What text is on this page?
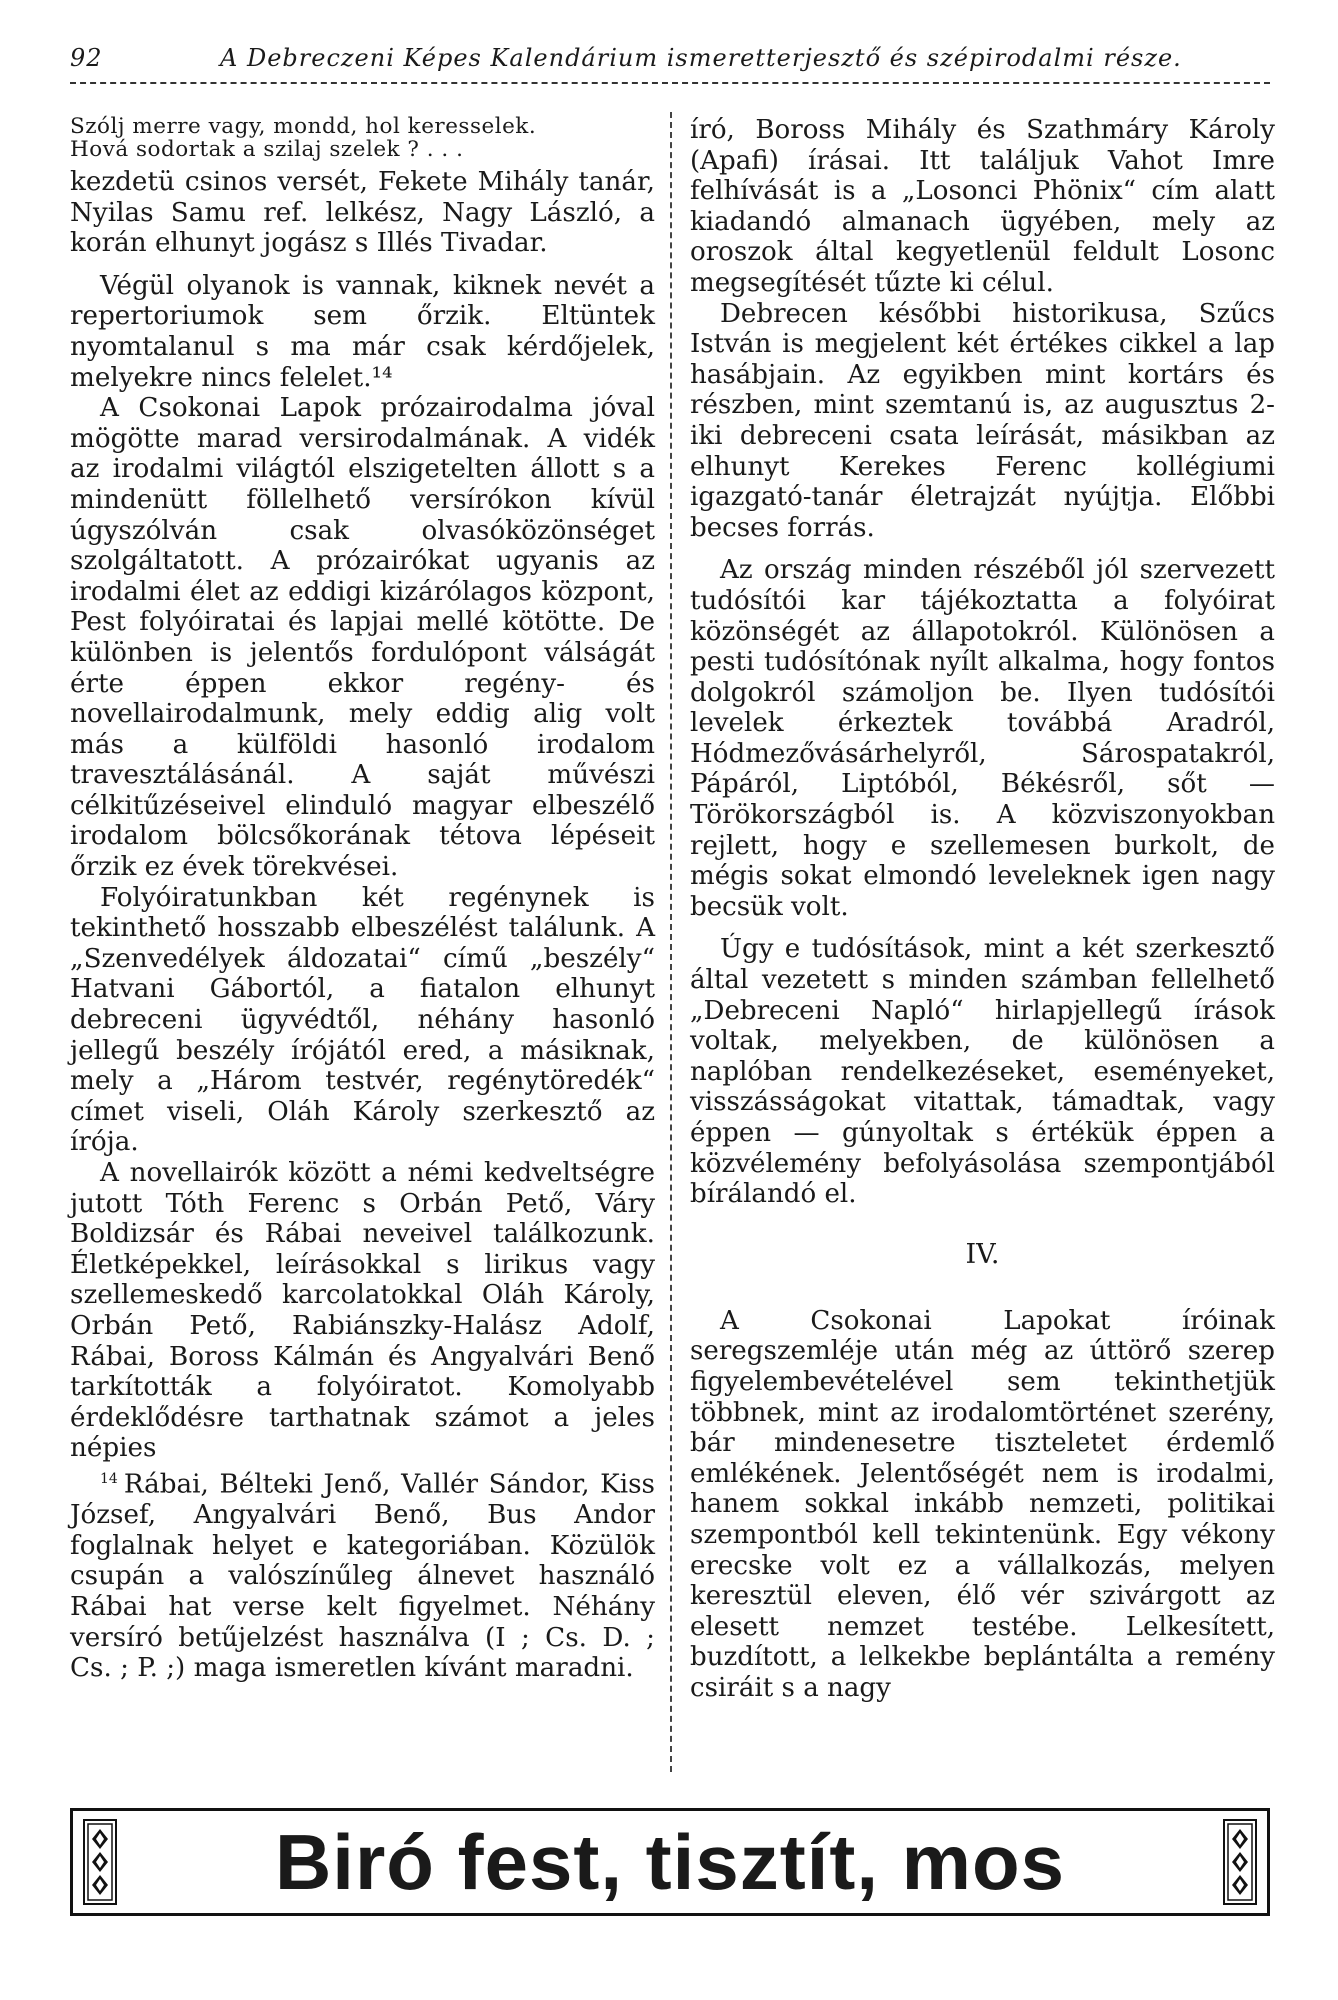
92	A Debreczeni Képes Kalendárium ismeretterjesztő és szépirodalmi része.

Szólj merre vagy, mondd, hol keresselek.
Hová sodortak a szilaj szelek ? . . .

kezdetü csinos versét, Fekete Mihály tanár, Nyilas Samu ref. lelkész, Nagy László, a korán elhunyt jogász s Illés Tivadar.

Végül olyanok is vannak, kiknek nevét a repertoriumok sem őrzik. Eltüntek nyomtalanul s ma már csak kérdőjelek, melyekre nincs felelet.¹⁴

A Csokonai Lapok prózairodalma jóval mögötte marad versirodalmának. A vidék az irodalmi világtól elszigetelten állott s a mindenütt föllelhető versírókon kívül úgyszólván csak olvasóközönséget szolgáltatott. A prózairókat ugyanis az irodalmi élet az eddigi kizárólagos központ, Pest folyóiratai és lapjai mellé kötötte. De különben is jelentős fordulópont válságát érte éppen ekkor regény- és novellairodalmunk, mely eddig alig volt más a külföldi hasonló irodalom travesztálásánál. A saját művészi célkitűzéseivel elinduló magyar elbeszélő irodalom bölcsőkorának tétova lépéseit őrzik ez évek törekvései.

Folyóiratunkban két regénynek is tekinthető hosszabb elbeszélést találunk. A „Szenvedélyek áldozatai“ című „beszély“ Hatvani Gábortól, a fiatalon elhunyt debreceni ügyvédtől, néhány hasonló jellegű beszély írójától ered, a másiknak, mely a „Három testvér, regénytöredék“ címet viseli, Oláh Károly szerkesztő az írója.

A novellairók között a némi kedveltségre jutott Tóth Ferenc s Orbán Pető, Váry Boldizsár és Rábai neveivel találkozunk. Életképekkel, leírásokkal s lirikus vagy szellemeskedő karcolatokkal Oláh Károly, Orbán Pető, Rabiánszky-Halász Adolf, Rábai, Boross Kálmán és Angyalvári Benő tarkították a folyóiratot. Komolyabb érdeklődésre tarthatnak számot a jeles népies

$^{14}$ Rábai, Bélteki Jenő, Vallér Sándor, Kiss József, Angyalvári Benő, Bus Andor foglalnak helyet e kategoriában. Közülök csupán a valószínűleg álnevet használó Rábai hat verse kelt figyelmet. Néhány versíró betűjelzést használva (I ; Cs. D. ; Cs. ; P. ;) maga ismeretlen kívánt maradni.

író, Boross Mihály és Szathmáry Károly (Apafi) írásai. Itt találjuk Vahot Imre felhívását is a „Losonci Phönix“ cím alatt kiadandó almanach ügyében, mely az oroszok által kegyetlenül feldult Losonc megsegítését tűzte ki célul.

Debrecen későbbi historikusa, Szűcs István is megjelent két értékes cikkel a lap hasábjain. Az egyikben mint kortárs és részben, mint szemtanú is, az augusztus 2-iki debreceni csata leírását, másikban az elhunyt Kerekes Ferenc kollégiumi igazgató-tanár életrajzát nyújtja. Előbbi becses forrás.

Az ország minden részéből jól szervezett tudósítói kar tájékoztatta a folyóirat közönségét az állapotokról. Különösen a pesti tudósítónak nyílt alkalma, hogy fontos dolgokról számoljon be. Ilyen tudósítói levelek érkeztek továbbá Aradról, Hódmezővásárhelyről, Sárospatakról, Pápáról, Liptóból, Békésről, sőt — Törökországból is. A közviszonyokban rejlett, hogy e szellemesen burkolt, de mégis sokat elmondó leveleknek igen nagy becsük volt.

Úgy e tudósítások, mint a két szerkesztő által vezetett s minden számban fellelhető „Debreceni Napló“ hirlapjellegű írások voltak, melyekben, de különösen a naplóban rendelkezéseket, eseményeket, visszásságokat vitattak, támadtak, vagy éppen — gúnyoltak s értékük éppen a közvélemény befolyásolása szempontjából bírálandó el.

IV.

A Csokonai Lapokat íróinak seregszemléje után még az úttörő szerep figyelembevételével sem tekinthetjük többnek, mint az irodalomtörténet szerény, bár mindenesetre tiszteletet érdemlő emlékének. Jelentőségét nem is irodalmi, hanem sokkal inkább nemzeti, politikai szempontból kell tekintenünk. Egy vékony erecske volt ez a vállalkozás, melyen keresztül eleven, élő vér szivárgott az elesett nemzet testébe. Lelkesített, buzdított, a lelkekbe beplántálta a remény csiráit s a nagy

Biró fest, tisztít, mos
